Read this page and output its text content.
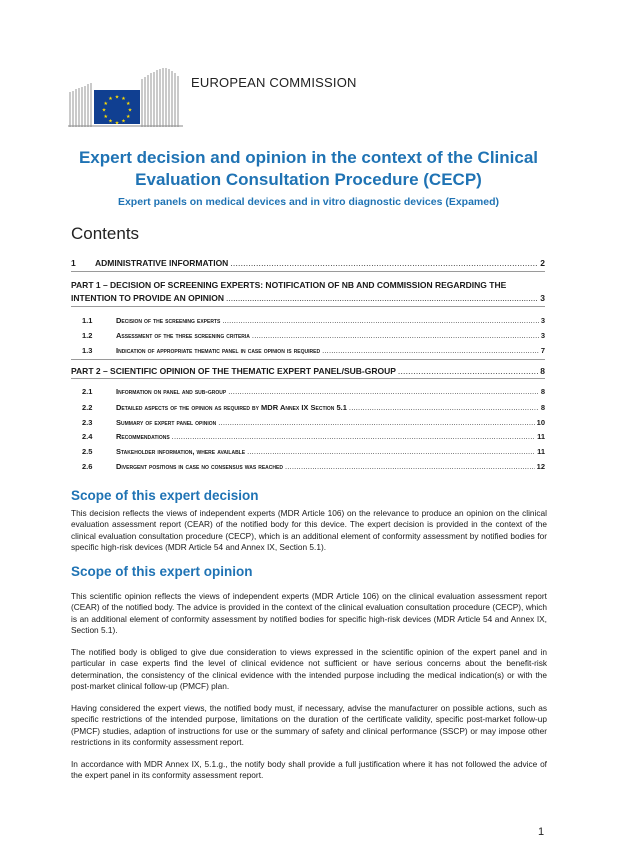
★ ★
★
★
★
★
★
★
★
★
★
★
EUROPEAN COMMISSION
Expert decision and opinion in the context of the Clinical Evaluation Consultation Procedure (CECP)
Expert panels on medical devices and in vitro diagnostic devices (Expamed)
Contents
1	ADMINISTRATIVE INFORMATION .....	2
PART 1 – DECISION OF SCREENING EXPERTS: NOTIFICATION OF NB AND COMMISSION REGARDING THE
INTENTION TO PROVIDE AN OPINION .....	3
1.1	Decision of the screening experts .....	3
1.2	Assessment of the three screening criteria .....	3
1.3	Indication of appropriate thematic panel in case opinion is required .....	7
PART 2 – SCIENTIFIC OPINION OF THE THEMATIC EXPERT PANEL/SUB-GROUP .....	8
2.1	Information on panel and sub-group .....	8
2.2	Detailed aspects of the opinion as required by MDR Annex IX Section 5.1 .....	8
2.3	Summary of expert panel opinion .....	10
2.4	Recommendations .....	11
2.5	Stakeholder information, where available .....	11
2.6	Divergent positions in case no consensus was reached .....	12
Scope of this expert decision
This decision reflects the views of independent experts (MDR Article 106) on the relevance to produce an opinion on the clinical evaluation assessment report (CEAR) of the notified body for this device. The expert decision is provided in the context of the clinical evaluation consultation procedure (CECP), which is an additional element of conformity assessment by notified bodies for specific high-risk devices (MDR Article 54 and Annex IX, Section 5.1).
Scope of this expert opinion
This scientific opinion reflects the views of independent experts (MDR Article 106) on the clinical evaluation assessment report (CEAR) of the notified body. The advice is provided in the context of the clinical evaluation consultation procedure (CECP), which is an additional element of conformity assessment by notified bodies for specific high-risk devices (MDR Article 54 and Annex IX, Section 5.1).
The notified body is obliged to give due consideration to views expressed in the scientific opinion of the expert panel and in particular in case experts find the level of clinical evidence not sufficient or have serious concerns about the benefit-risk determination, the consistency of the clinical evidence with the intended purpose including the medical indication(s) or with the post-market clinical follow-up (PMCF) plan.
Having considered the expert views, the notified body must, if necessary, advise the manufacturer on possible actions, such as specific restrictions of the intended purpose, limitations on the duration of the certificate validity, specific post-market follow-up (PMCF) studies, adaption of instructions for use or the summary of safety and clinical performance (SSCP) or may impose other restrictions in its conformity assessment report.
In accordance with MDR Annex IX, 5.1.g., the notify body shall provide a full justification where it has not followed the advice of the expert panel in its conformity assessment report.
1
